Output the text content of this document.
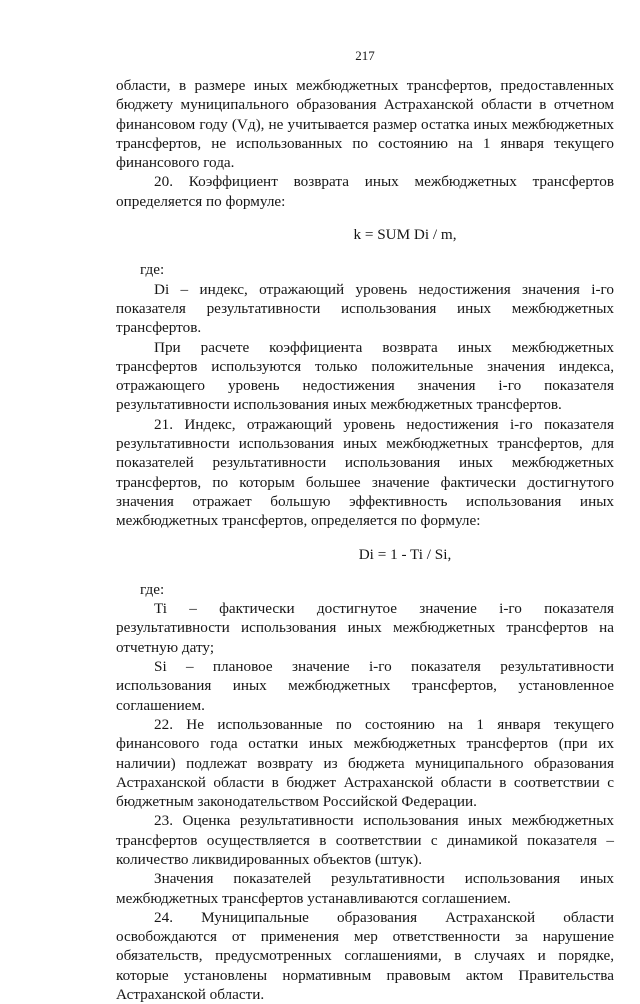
217

области, в размере иных межбюджетных трансфертов, предоставленных бюджету муниципального образования Астраханской области в отчетном финансовом году (Vд), не учитывается размер остатка иных межбюджетных трансфертов, не использованных по состоянию на 1 января текущего финансового года.

20. Коэффициент возврата иных межбюджетных трансфертов определяется по формуле:

k = SUM Di / m,

где:

Di – индекс, отражающий уровень недостижения значения i-го показателя результативности использования иных межбюджетных трансфертов.

При расчете коэффициента возврата иных межбюджетных трансфертов используются только положительные значения индекса, отражающего уровень недостижения значения i-го показателя результативности использования иных межбюджетных трансфертов.

21. Индекс, отражающий уровень недостижения i-го показателя результативности использования иных межбюджетных трансфертов, для показателей результативности использования иных межбюджетных трансфертов, по которым большее значение фактически достигнутого значения отражает большую эффективность использования иных межбюджетных трансфертов, определяется по формуле:

Di = 1 - Ti / Si,

где:

Ti – фактически достигнутое значение i-го показателя результативности использования иных межбюджетных трансфертов на отчетную дату;

Si – плановое значение i-го показателя результативности использования иных межбюджетных трансфертов, установленное соглашением.

22. Не использованные по состоянию на 1 января текущего финансового года остатки иных межбюджетных трансфертов (при их наличии) подлежат возврату из бюджета муниципального образования Астраханской области в бюджет Астраханской области в соответствии с бюджетным законодательством Российской Федерации.

23. Оценка результативности использования иных межбюджетных трансфертов осуществляется в соответствии с динамикой показателя – количество ликвидированных объектов (штук).

Значения показателей результативности использования иных межбюджетных трансфертов устанавливаются соглашением.

24. Муниципальные образования Астраханской области освобождаются от применения мер ответственности за нарушение обязательств, предусмотренных соглашениями, в случаях и порядке, которые установлены нормативным правовым актом Правительства Астраханской области.
